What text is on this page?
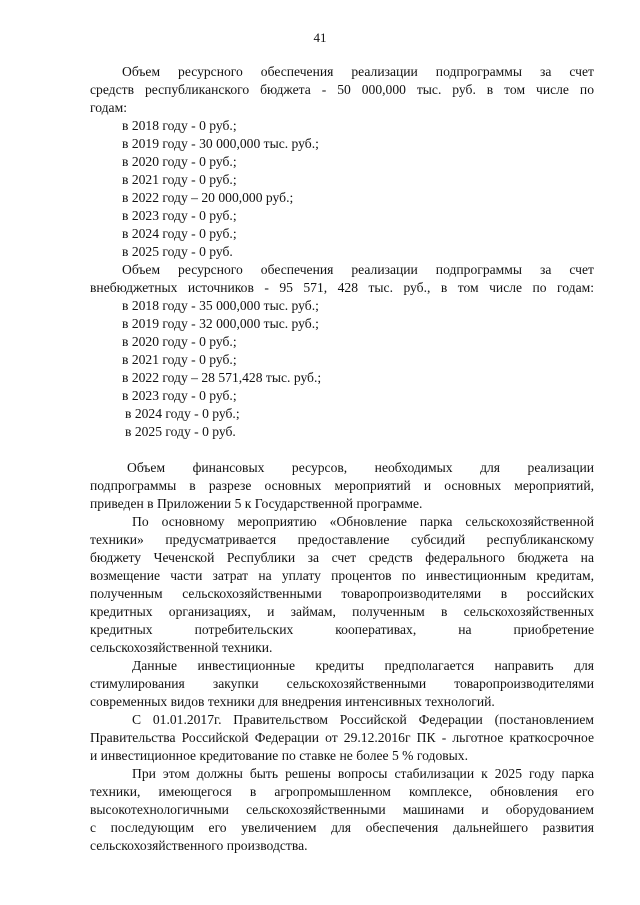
41
Объем ресурсного обеспечения реализации подпрограммы за счет
средств республиканского бюджета - 50 000,000 тыс. руб. в том числе по
годам:
в 2018 году - 0 руб.;
в 2019 году - 30 000,000 тыс. руб.;
в 2020 году - 0 руб.;
в 2021 году - 0 руб.;
в 2022 году – 20 000,000 руб.;
в 2023 году - 0 руб.;
в 2024 году - 0 руб.;
в 2025 году - 0 руб.
Объем ресурсного обеспечения реализации подпрограммы за счет
внебюджетных источников - 95 571, 428 тыс. руб., в том числе по годам:
в 2018 году - 35 000,000 тыс. руб.;
в 2019 году - 32 000,000 тыс. руб.;
в 2020 году - 0 руб.;
в 2021 году - 0 руб.;
в 2022 году – 28 571,428 тыс. руб.;
в 2023 году - 0 руб.;
в 2024 году - 0 руб.;
в 2025 году - 0 руб.
Объем финансовых ресурсов, необходимых для реализации
подпрограммы в разрезе основных мероприятий и основных мероприятий,
приведен в Приложении 5 к Государственной программе.
По основному мероприятию «Обновление парка сельскохозяйственной
техники» предусматривается предоставление субсидий республиканскому
бюджету Чеченской Республики за счет средств федерального бюджета на
возмещение части затрат на уплату процентов по инвестиционным кредитам,
полученным сельскохозяйственными товаропроизводителями в российских
кредитных организациях, и займам, полученным в сельскохозяйственных
кредитных потребительских кооперативах, на приобретение
сельскохозяйственной техники.
Данные инвестиционные кредиты предполагается направить для
стимулирования закупки сельскохозяйственными товаропроизводителями
современных видов техники для внедрения интенсивных технологий.
С 01.01.2017г. Правительством Российской Федерации (постановлением
Правительства Российской Федерации от 29.12.2016г ПК - льготное краткосрочное
и инвестиционное кредитование по ставке не более 5 % годовых.
При этом должны быть решены вопросы стабилизации к 2025 году парка
техники, имеющегося в агропромышленном комплексе, обновления его
высокотехнологичными сельскохозяйственными машинами и оборудованием
с последующим его увеличением для обеспечения дальнейшего развития
сельскохозяйственного производства.
